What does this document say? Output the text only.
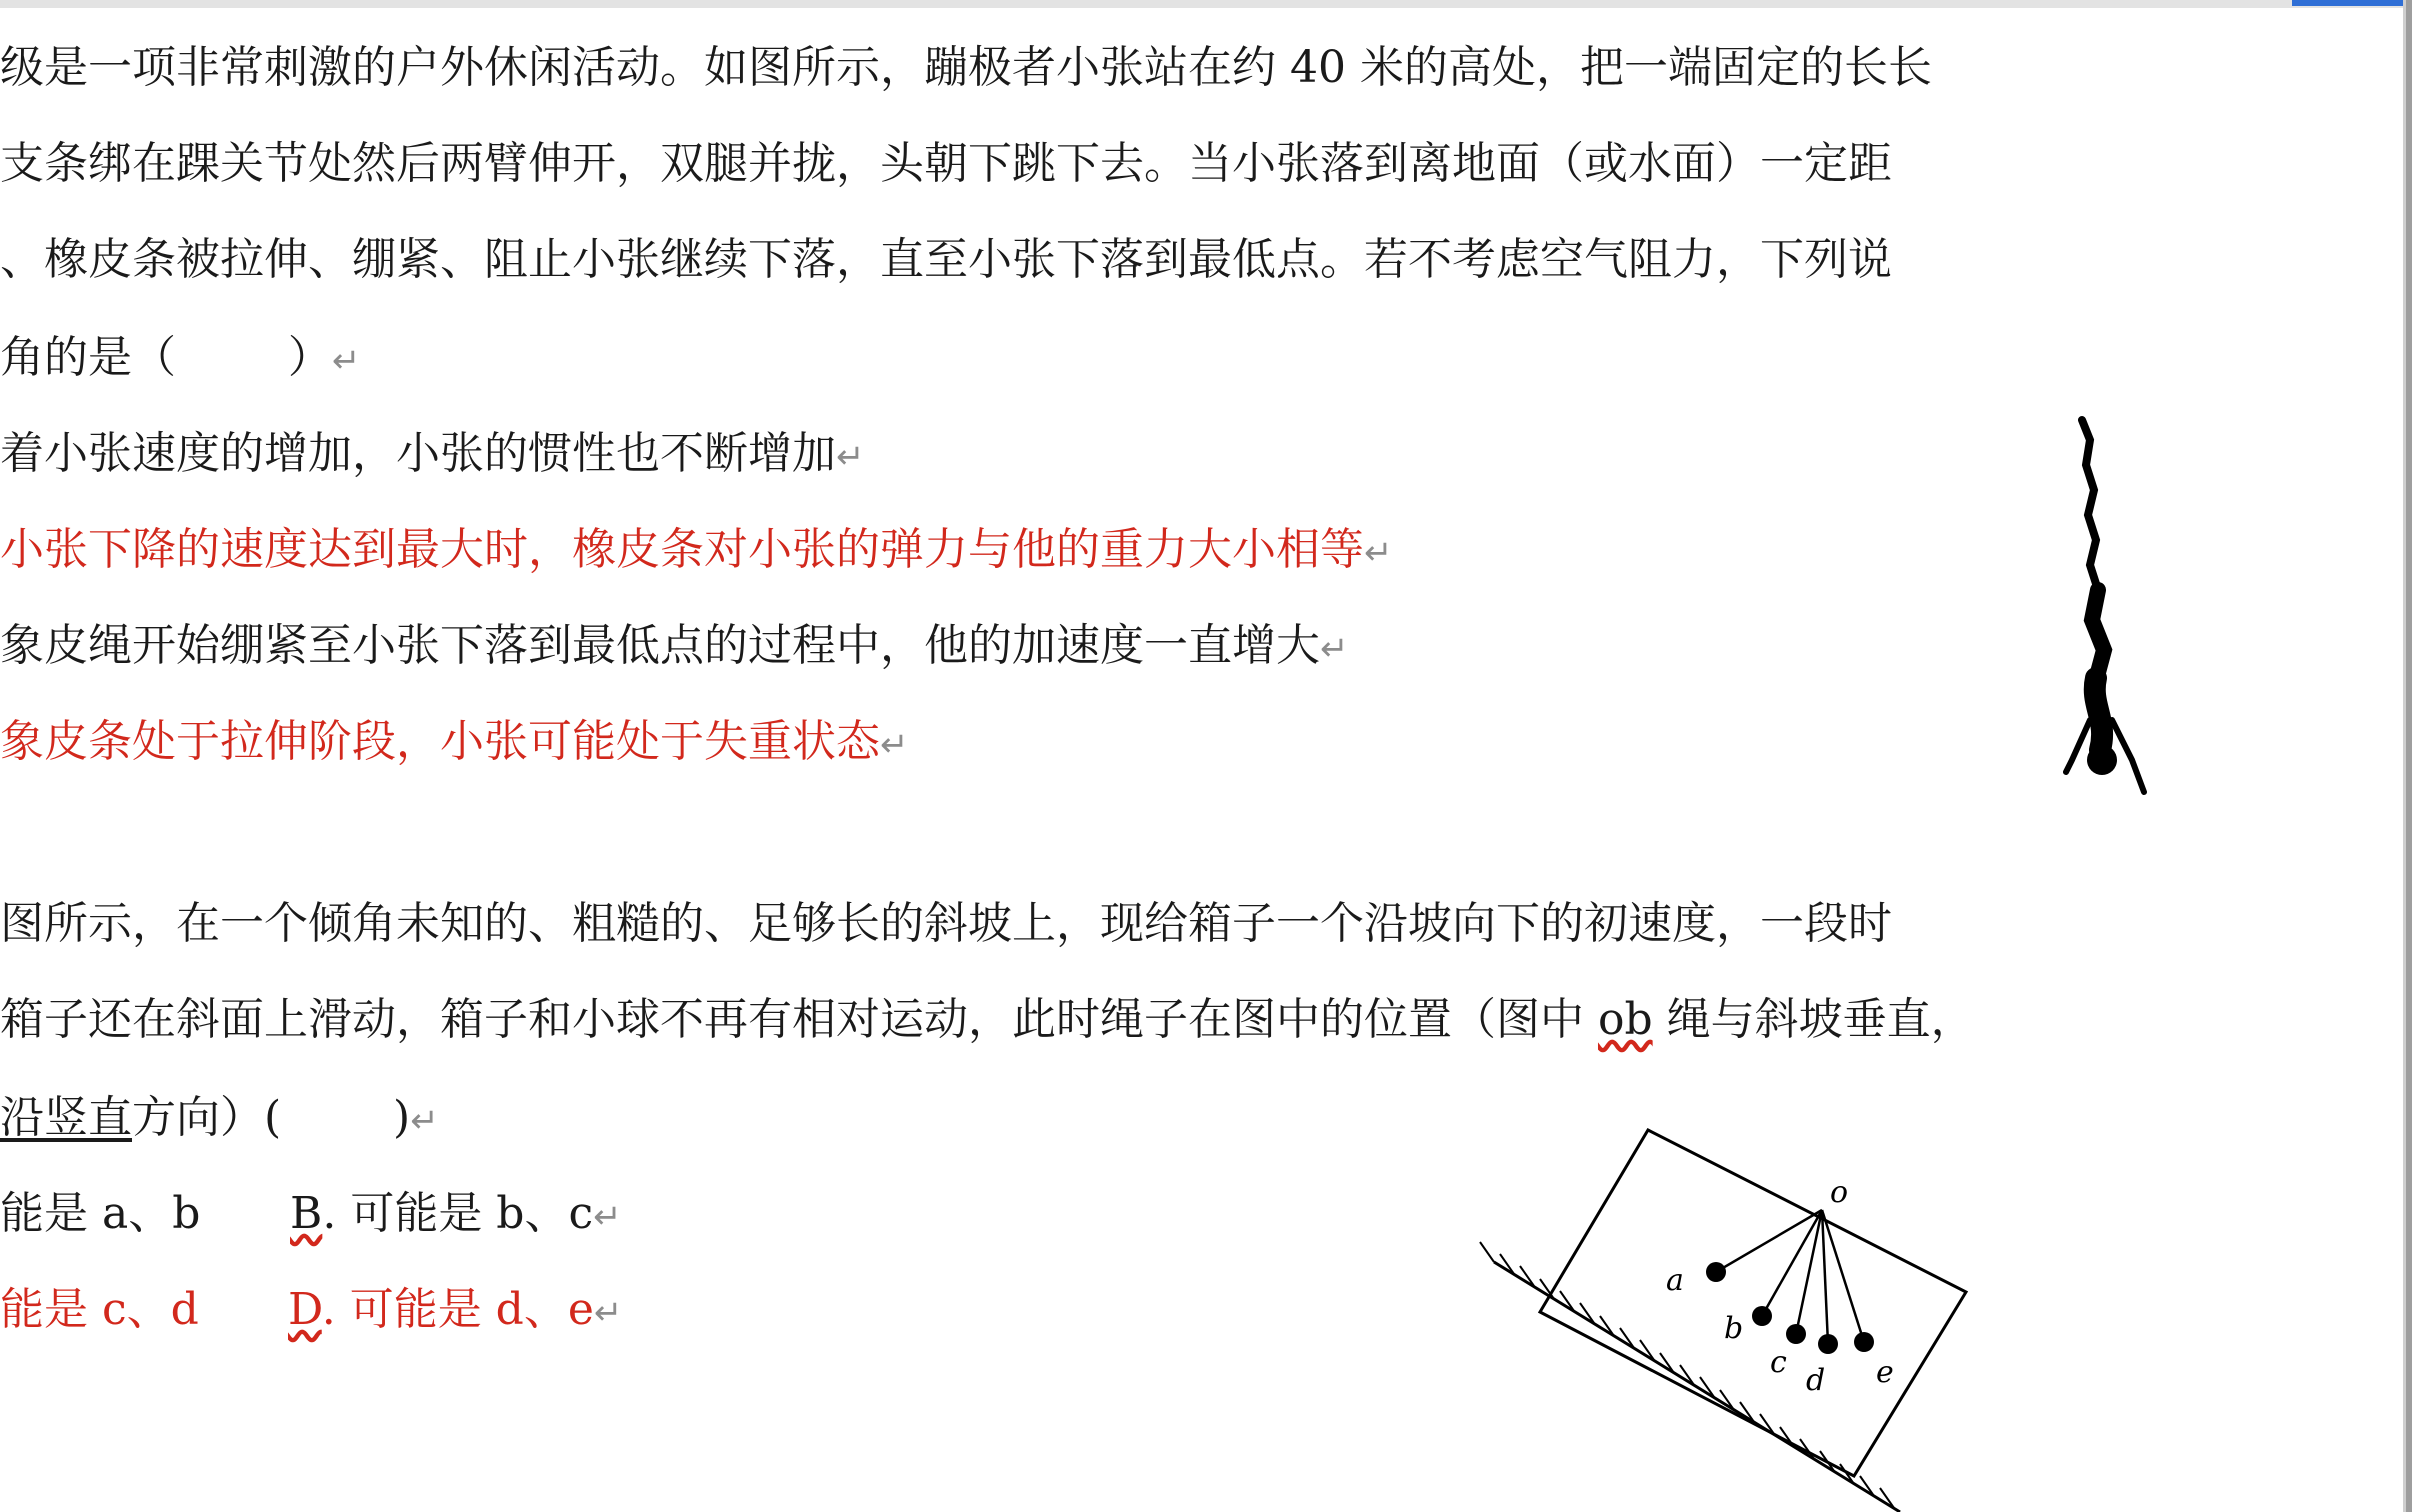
级是一项非常刺激的户外休闲活动。如图所示，蹦极者小张站在约 40 米的高处，把一端固定的长长
支条绑在踝关节处然后两臂伸开，双腿并拢，头朝下跳下去。当小张落到离地面（或水面）一定距
、橡皮条被拉伸、绷紧、阻止小张继续下落，直至小张下落到最低点。若不考虑空气阻力，下列说
角的是（        ）↵
着小张速度的增加，小张的惯性也不断增加↵
小张下降的速度达到最大时，橡皮条对小张的弹力与他的重力大小相等↵
象皮绳开始绷紧至小张下落到最低点的过程中，他的加速度一直增大↵
象皮条处于拉伸阶段，小张可能处于失重状态↵
图所示，在一个倾角未知的、粗糙的、足够长的斜坡上，现给箱子一个沿坡向下的初速度，一段时
箱子还在斜面上滑动，箱子和小球不再有相对运动，此时绳子在图中的位置（图中 ob 绳与斜坡垂直，
沿竖直方向）(        )↵
能是 a、b B. 可能是 b、c↵
能是 c、d D. 可能是 d、e↵
o
a
b
c
d e
